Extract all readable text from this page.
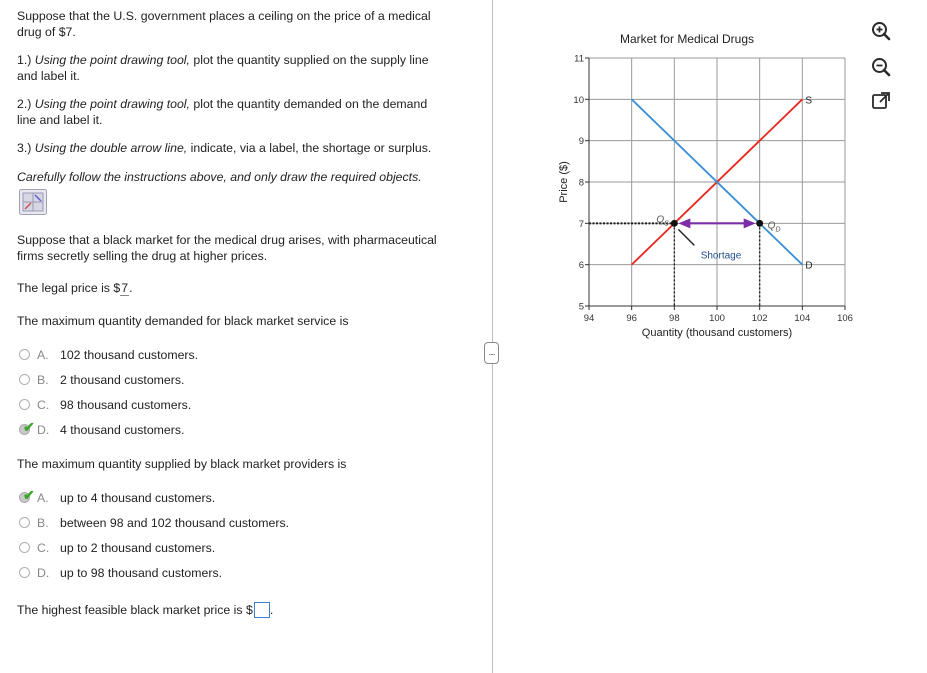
Suppose that the U.S. government places a ceiling on the price of a medical
drug of $7.
1.) Using the point drawing tool, plot the quantity supplied on the supply line
and label it.
2.) Using the point drawing tool, plot the quantity demanded on the demand
line and label it.
3.) Using the double arrow line, indicate, via a label, the shortage or surplus.
Carefully follow the instructions above, and only draw the required objects.
Suppose that a black market for the medical drug arises, with pharmaceutical
firms secretly selling the drug at higher prices.
The legal price is $7.
The maximum quantity demanded for black market service is
A. 102 thousand customers.
B. 2 thousand customers.
C. 98 thousand customers.
✔ D. 4 thousand customers.
The maximum quantity supplied by black market providers is
✔ A. up to 4 thousand customers.
B. between 98 and 102 thousand customers.
C. up to 2 thousand customers.
D. up to 98 thousand customers.
The highest feasible black market price is $ .
....
Market for Medical Drugs
Price ($)
Quantity (thousand customers)
5
6
7
8
9
10
11
94	96	98	100	102	104	106
S
D
Shortage
$Q_S$	$Q_D$
